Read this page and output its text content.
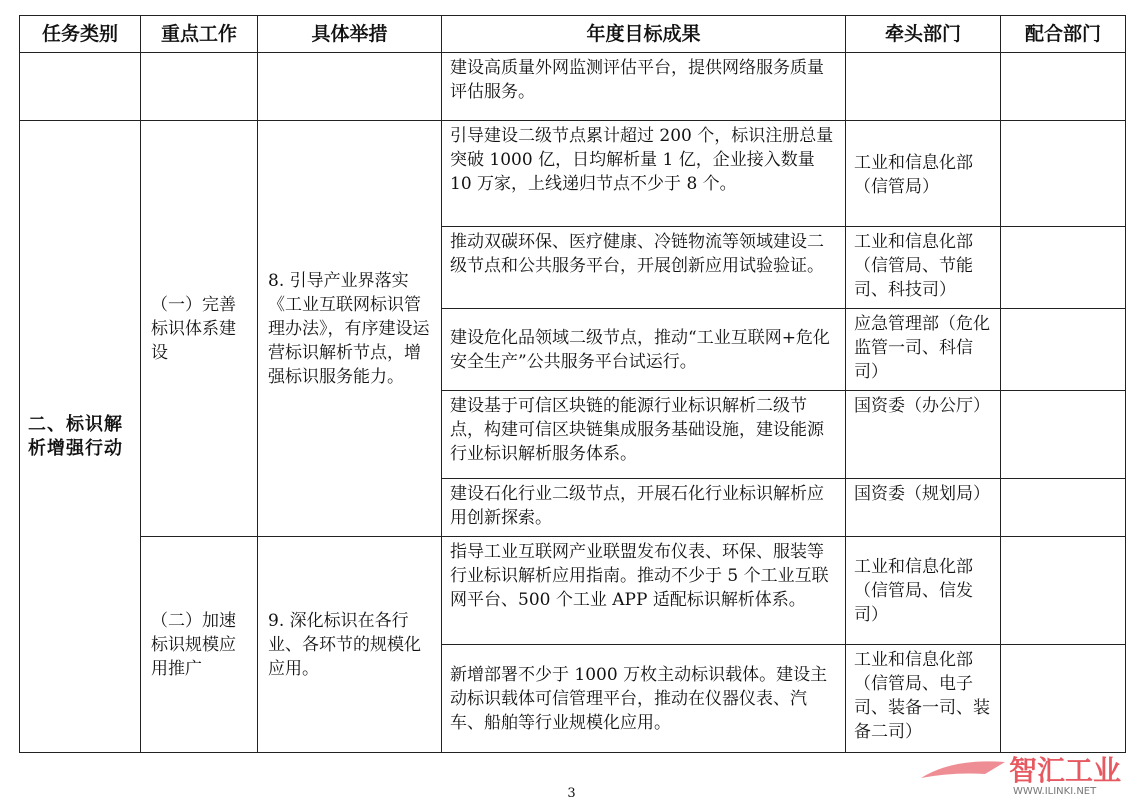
任务类别	重点工作	具体举措	年度目标成果	牵头部门	配合部门
			建设高质量外网监测评估平台，提供网络服务质量评估服务。		
二、标识解析增强行动	（一）完善标识体系建设	8. 引导产业界落实《工业互联网标识管理办法》，有序建设运营标识解析节点，增强标识服务能力。	引导建设二级节点累计超过 200 个，标识注册总量突破 1000 亿，日均解析量 1 亿，企业接入数量 10 万家，上线递归节点不少于 8 个。	工业和信息化部（信管局）	
			推动双碳环保、医疗健康、冷链物流等领域建设二级节点和公共服务平台，开展创新应用试验验证。	工业和信息化部（信管局、节能司、科技司）	
			建设危化品领域二级节点，推动“工业互联网+危化安全生产”公共服务平台试运行。	应急管理部（危化监管一司、科信司）	
			建设基于可信区块链的能源行业标识解析二级节点，构建可信区块链集成服务基础设施，建设能源行业标识解析服务体系。	国资委（办公厅）	
			建设石化行业二级节点，开展石化行业标识解析应用创新探索。	国资委（规划局）	
	（二）加速标识规模应用推广	9. 深化标识在各行业、各环节的规模化应用。	指导工业互联网产业联盟发布仪表、环保、服装等行业标识解析应用指南。推动不少于 5 个工业互联网平台、500 个工业 APP 适配标识解析体系。	工业和信息化部（信管局、信发司）	
			新增部署不少于 1000 万枚主动标识载体。建设主动标识载体可信管理平台，推动在仪器仪表、汽车、船舶等行业规模化应用。	工业和信息化部（信管局、电子司、装备一司、装备二司）	
3
智汇工业
WWW.ILINKI.NET
